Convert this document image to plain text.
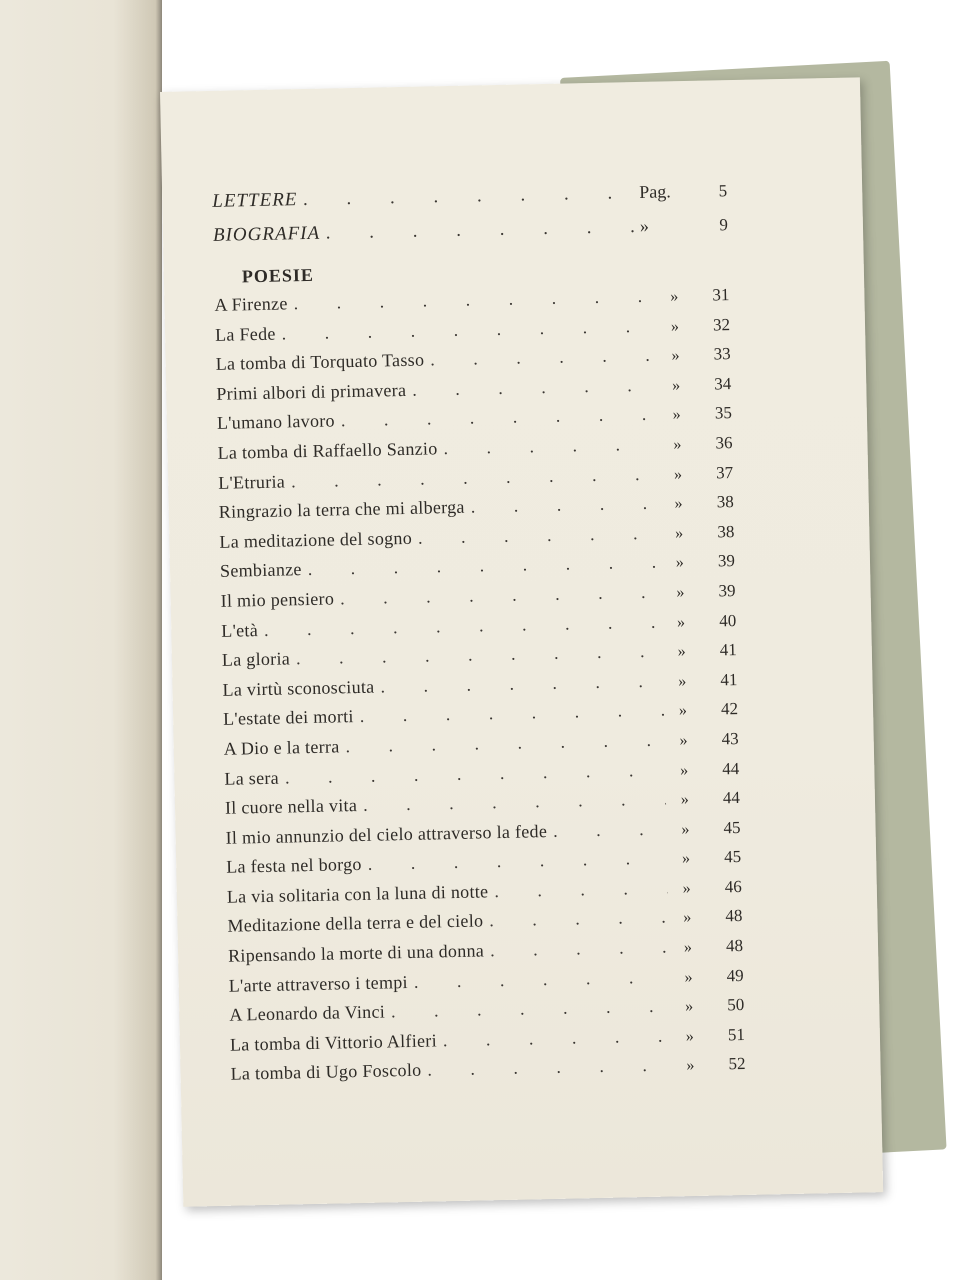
LETTERE . . .	Pag.	5
BIOGRAFIA . . .	»	9
POESIE
A Firenze . . .	»	31
La Fede . . .	»	32
La tomba di Torquato Tasso . . .	»	33
Primi albori di primavera . . .	»	34
L'umano lavoro . . .	»	35
La tomba di Raffaello Sanzio . . .	»	36
L'Etruria . . .	»	37
Ringrazio la terra che mi alberga . . .	»	38
La meditazione del sogno . . .	»	38
Sembianze . . .	»	39
Il mio pensiero . . .	»	39
L'età . . .	»	40
La gloria . . .	»	41
La virtù sconosciuta . . .	»	41
L'estate dei morti . . .	»	42
A Dio e la terra . . .	»	43
La sera . . .	»	44
Il cuore nella vita . . .	»	44
Il mio annunzio del cielo attraverso la fede . . .	»	45
La festa nel borgo . . .	»	45
La via solitaria con la luna di notte . . .	»	46
Meditazione della terra e del cielo . . .	»	48
Ripensando la morte di una donna . . .	»	48
L'arte attraverso i tempi . . .	»	49
A Leonardo da Vinci . . .	»	50
La tomba di Vittorio Alfieri . . .	»	51
La tomba di Ugo Foscolo . . .	»	52
